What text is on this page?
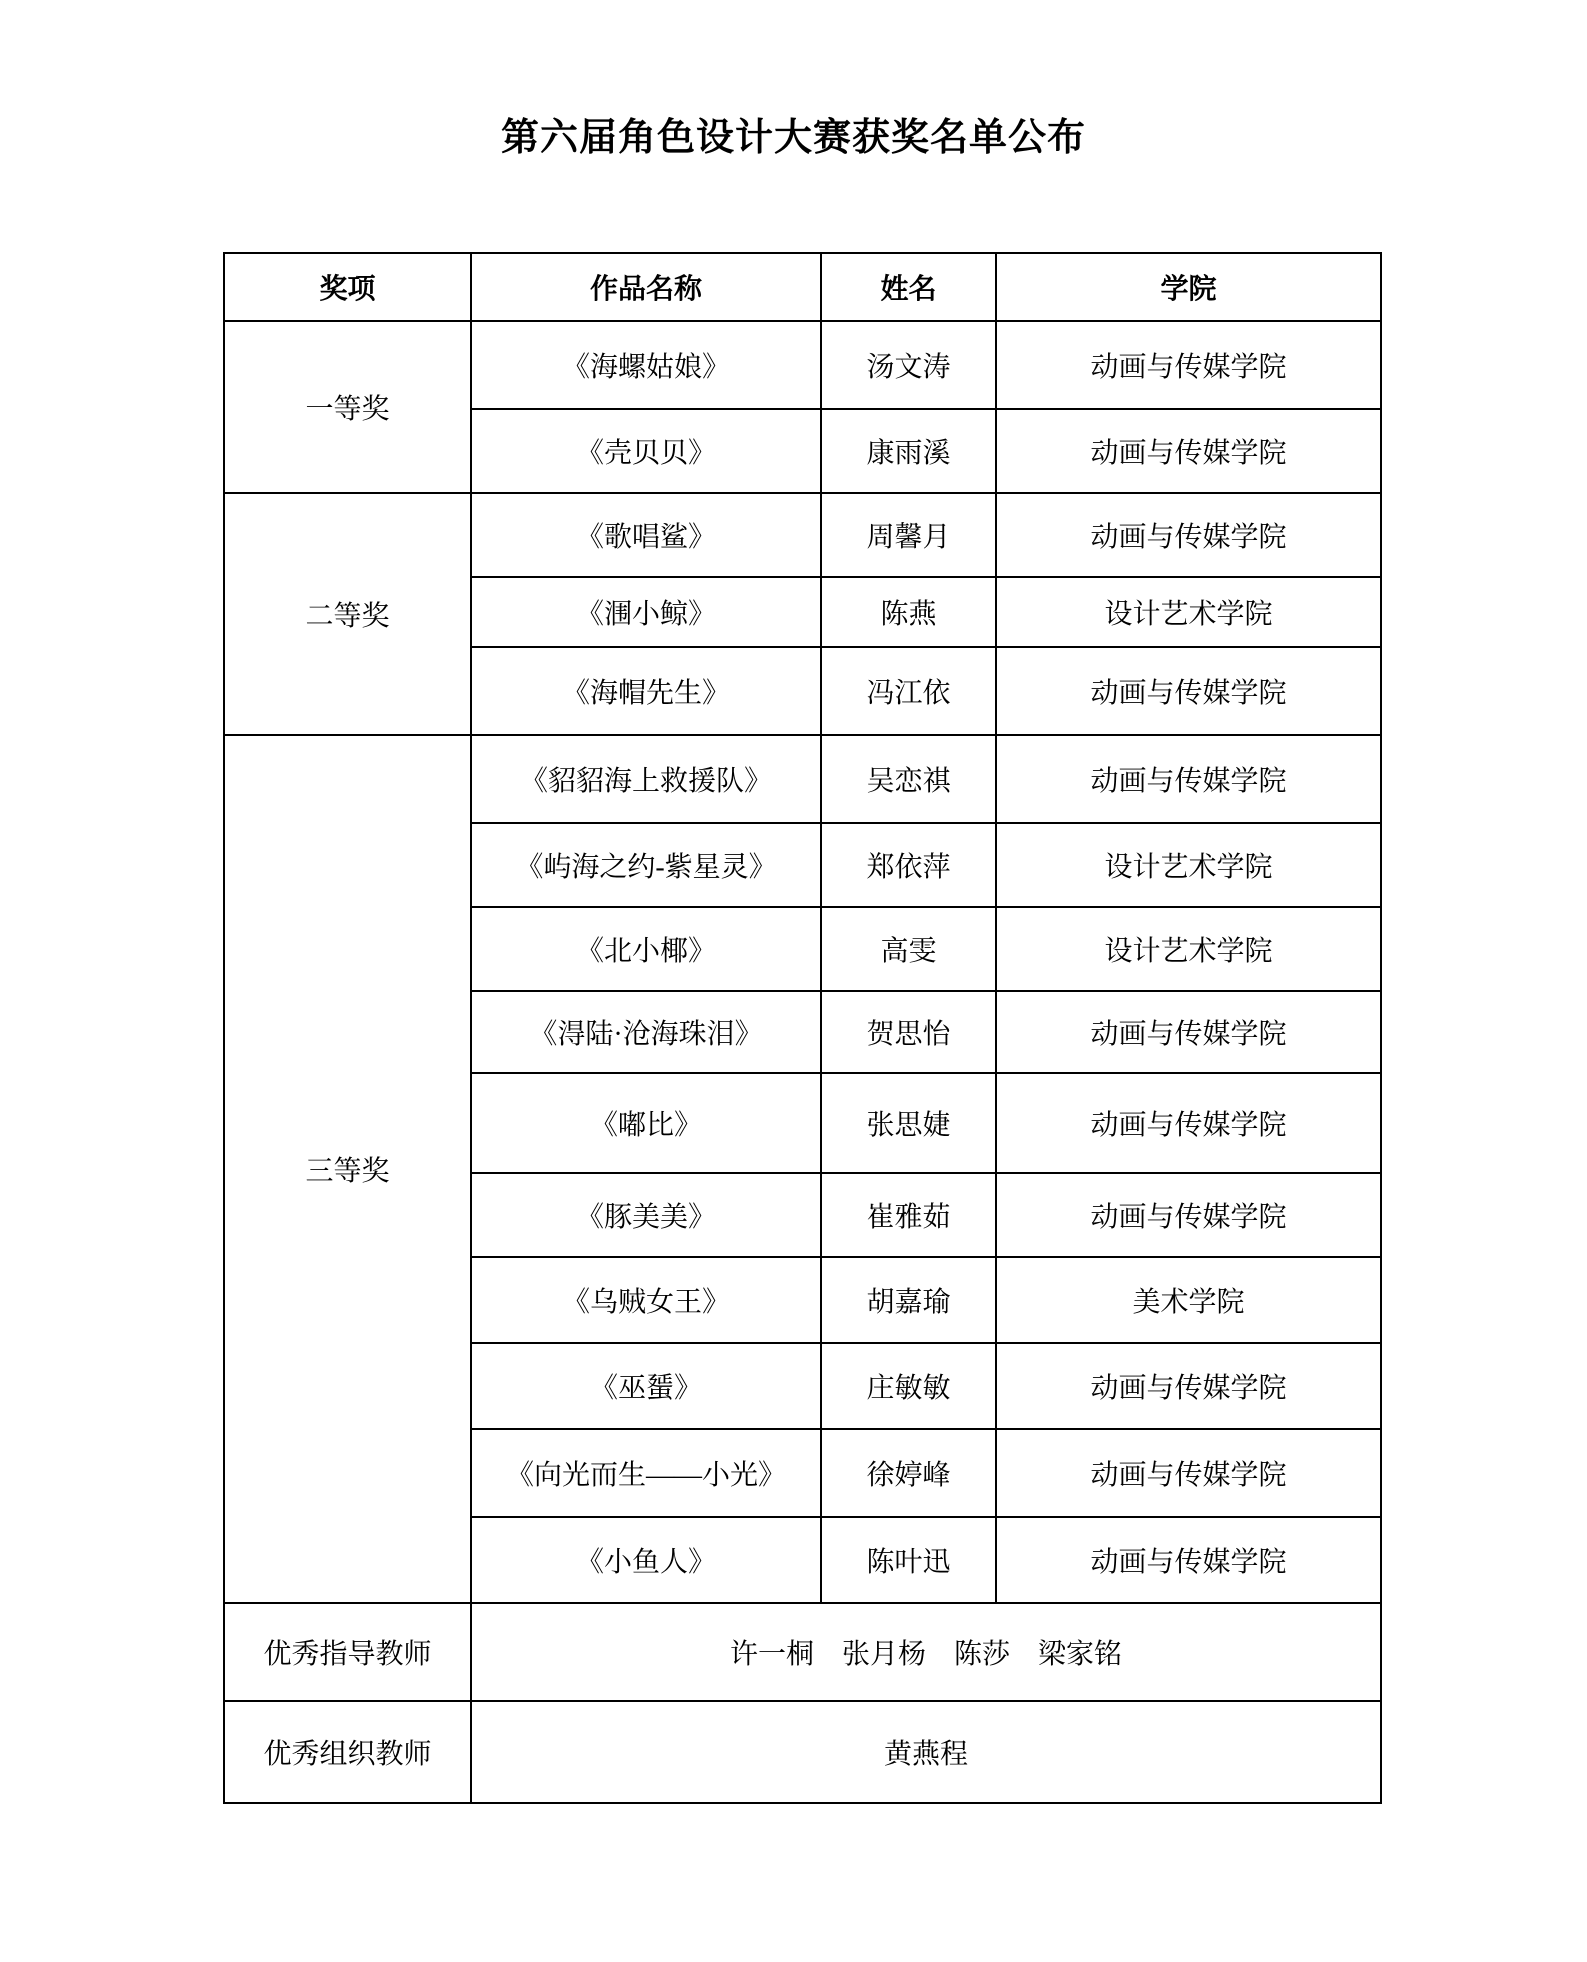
第六届角色设计大赛获奖名单公布
奖项	作品名称	姓名	学院
一等奖	《海螺姑娘》	汤文涛	动画与传媒学院
	《壳贝贝》	康雨溪	动画与传媒学院
二等奖	《歌唱鲨》	周馨月	动画与传媒学院
	《涠小鲸》	陈燕	设计艺术学院
	《海帽先生》	冯江依	动画与传媒学院
三等奖	《貂貂海上救援队》	吴恋祺	动画与传媒学院
	《屿海之约-紫星灵》	郑依萍	设计艺术学院
	《北小椰》	高雯	设计艺术学院
	《淂陆·沧海珠泪》	贺思怡	动画与传媒学院
	《嘟比》	张思婕	动画与传媒学院
	《豚美美》	崔雅茹	动画与传媒学院
	《乌贼女王》	胡嘉瑜	美术学院
	《巫蜑》	庄敏敏	动画与传媒学院
	《向光而生——小光》	徐婷峰	动画与传媒学院
	《小鱼人》	陈叶迅	动画与传媒学院
优秀指导教师	许一桐　张月杨　陈莎　梁家铭		
优秀组织教师	黄燕程		
